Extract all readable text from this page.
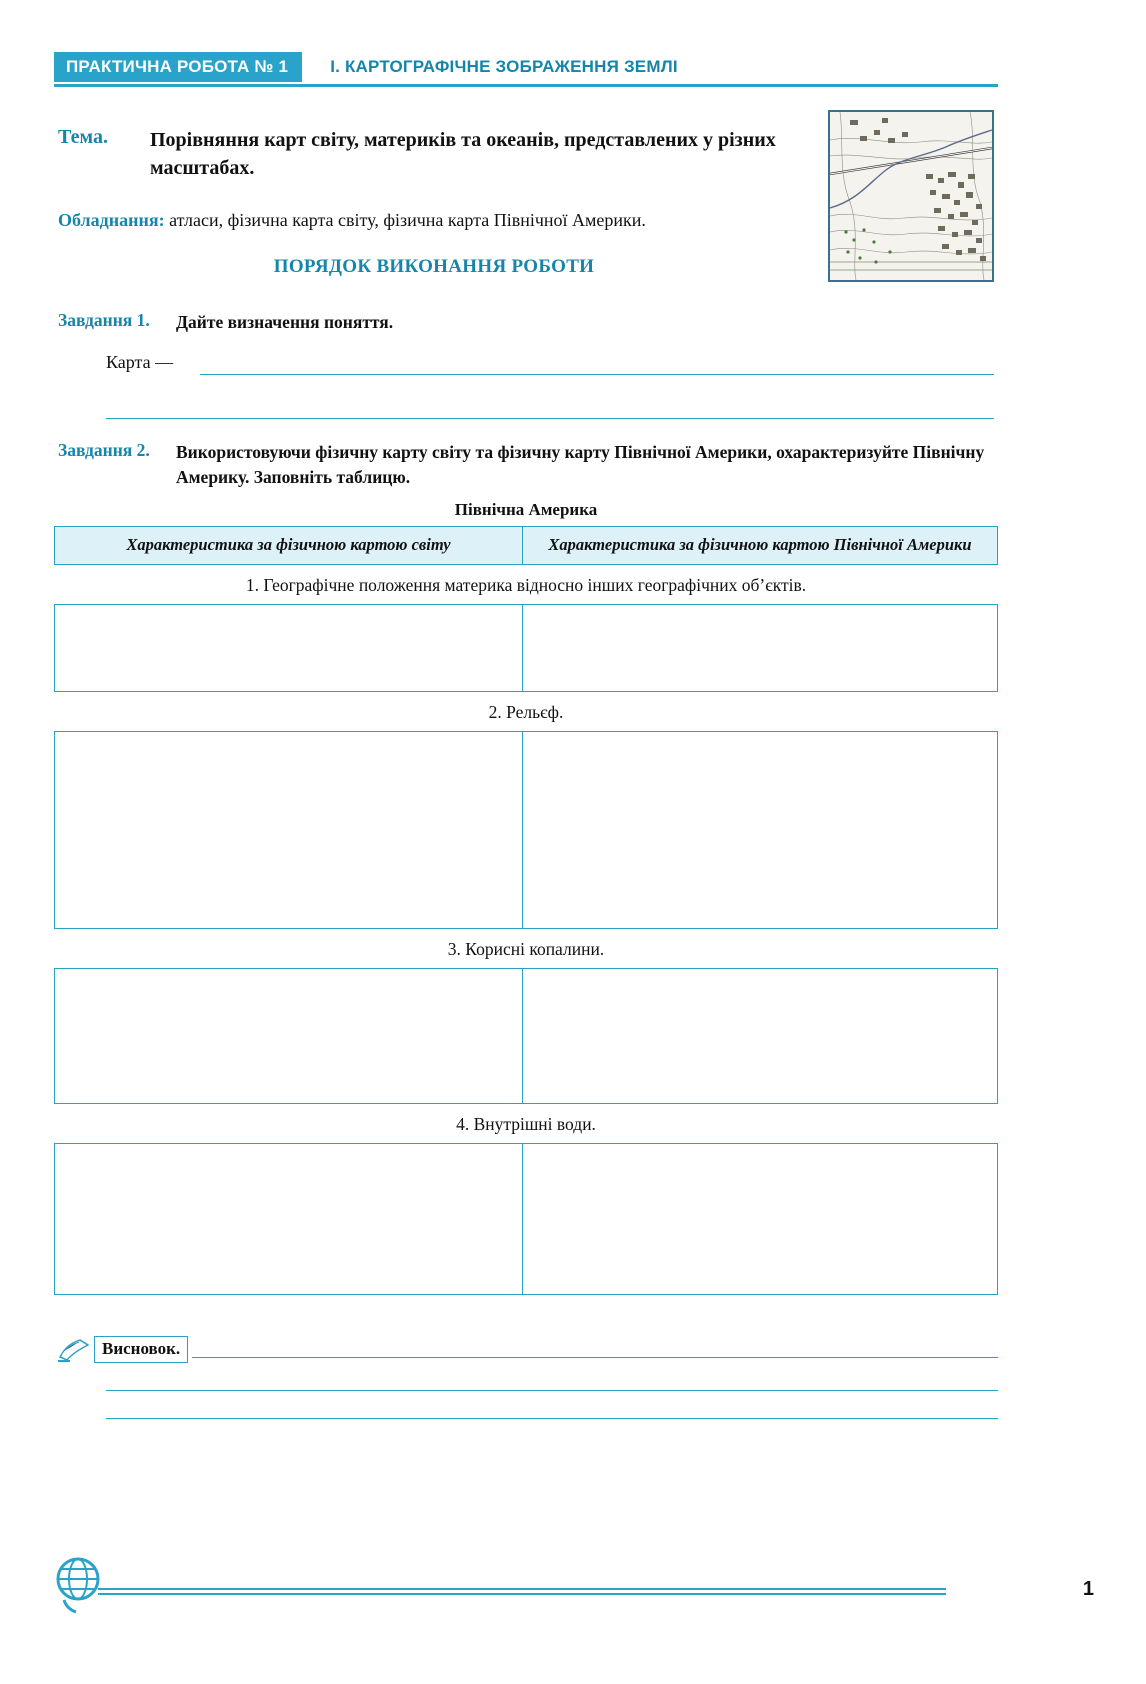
ПРАКТИЧНА РОБОТА № 1	I. КАРТОГРАФІЧНЕ ЗОБРАЖЕННЯ ЗЕМЛІ
Тема.	Порівняння карт світу, материків та океанів, представлених у різних масштабах.
Обладнання: атласи, фізична карта світу, фізична карта Північної Америки.
ПОРЯДОК ВИКОНАННЯ РОБОТИ
Завдання 1.	Дайте визначення поняття.
Карта —
Завдання 2.	Використовуючи фізичну карту світу та фізичну карту Північної Америки, охарактеризуйте Північну Америку. Заповніть таблицю.
Північна Америка
Характеристика за фізичною картою світу	Характеристика за фізичною картою Північної Америки
1. Географічне положення материка відносно інших географічних об’єктів.
2. Рельєф.
3. Корисні копалини.
4. Внутрішні води.
Висновок.
1
